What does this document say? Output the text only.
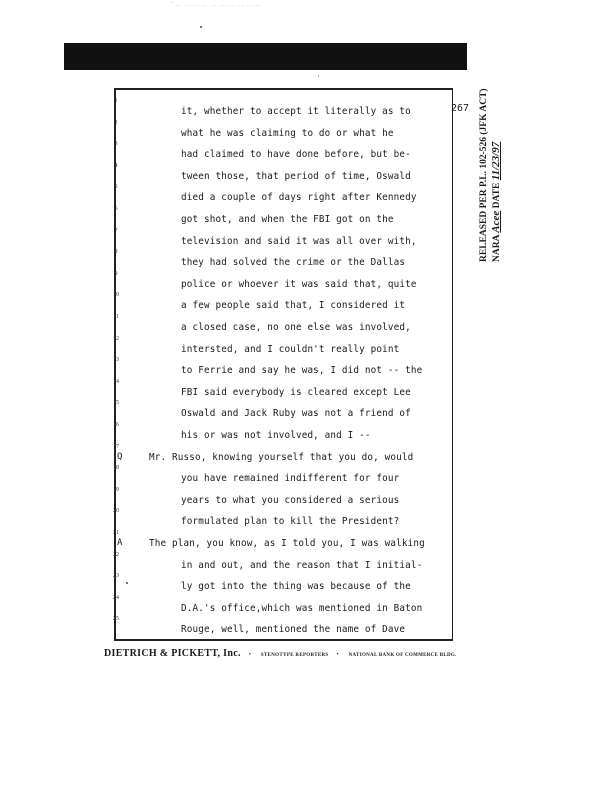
'' ... ... ... ... ... ... ... .... ... ...
267
1
it, whether to accept it literally as to
2
what he was claiming to do or what he
3
had claimed to have done before, but be-
4
tween those, that period of time, Oswald
5
died a couple of days right after Kennedy
6
got shot, and when the FBI got on the
7
television and said it was all over with,
8
they had solved the crime or the Dallas
9
police or whoever it was said that, quite
10
a few people said that, I considered it
11
a closed case, no one else was involved,
12
intersted, and I couldn't really point
13
to Ferrie and say he was, I did not -- the
14
FBI said everybody is cleared except Lee
15
Oswald and Jack Ruby was not a friend of
16
his or was not involved, and I --
17
Q	Mr. Russo, knowing yourself that you do, would
18
you have remained indifferent for four
19
years to what you considered a serious
20
formulated plan to kill the President?
21
A	The plan, you know, as I told you, I was walking
22
in and out, and the reason that I initial-
23
ly got into the thing was because of the
24
D.A.'s office,which was mentioned in Baton
25
Rouge, well, mentioned the name of Dave
RELEASED PER P.L. 102-526 (JFK ACT) NARA Acee DATE 11/23/97
DIETRICH & PICKETT, Inc. • STENOTYPE REPORTERS • NATIONAL BANK OF COMMERCE BLDG.
